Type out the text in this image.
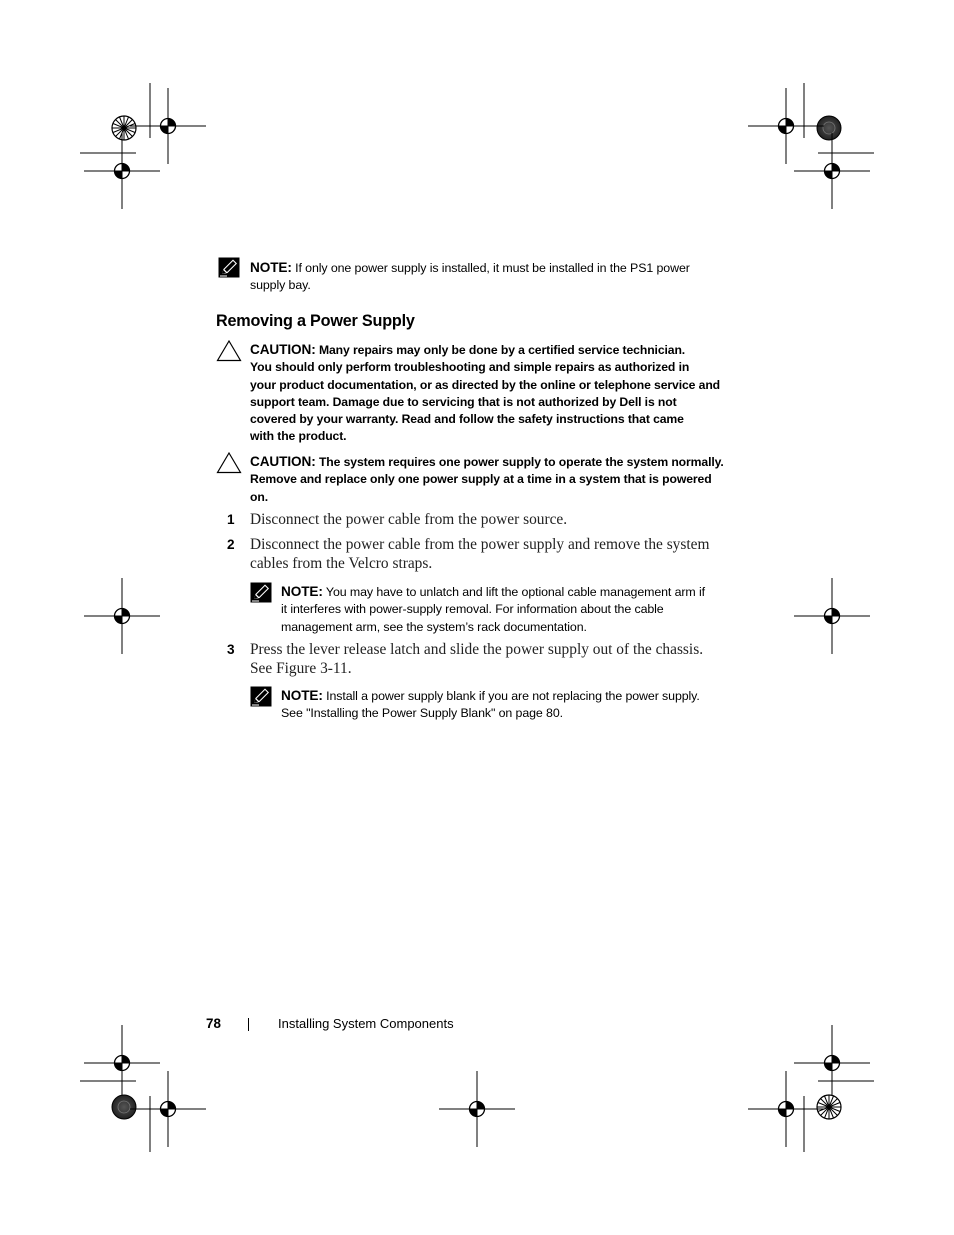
NOTE: If only one power supply is installed, it must be installed in the PS1 power
supply bay.
Removing a Power Supply
CAUTION: Many repairs may only be done by a certified service technician.
You should only perform troubleshooting and simple repairs as authorized in
your product documentation, or as directed by the online or telephone service and
support team. Damage due to servicing that is not authorized by Dell is not
covered by your warranty. Read and follow the safety instructions that came
with the product.
CAUTION: The system requires one power supply to operate the system normally.
Remove and replace only one power supply at a time in a system that is powered
on.
1 Disconnect the power cable from the power source.
2 Disconnect the power cable from the power supply and remove the system
cables from the Velcro straps.
NOTE: You may have to unlatch and lift the optional cable management arm if
it interferes with power-supply removal. For information about the cable
management arm, see the system’s rack documentation.
3 Press the lever release latch and slide the power supply out of the chassis.
See Figure 3-11.
NOTE: Install a power supply blank if you are not replacing the power supply.
See "Installing the Power Supply Blank" on page 80.
78	Installing System Components
